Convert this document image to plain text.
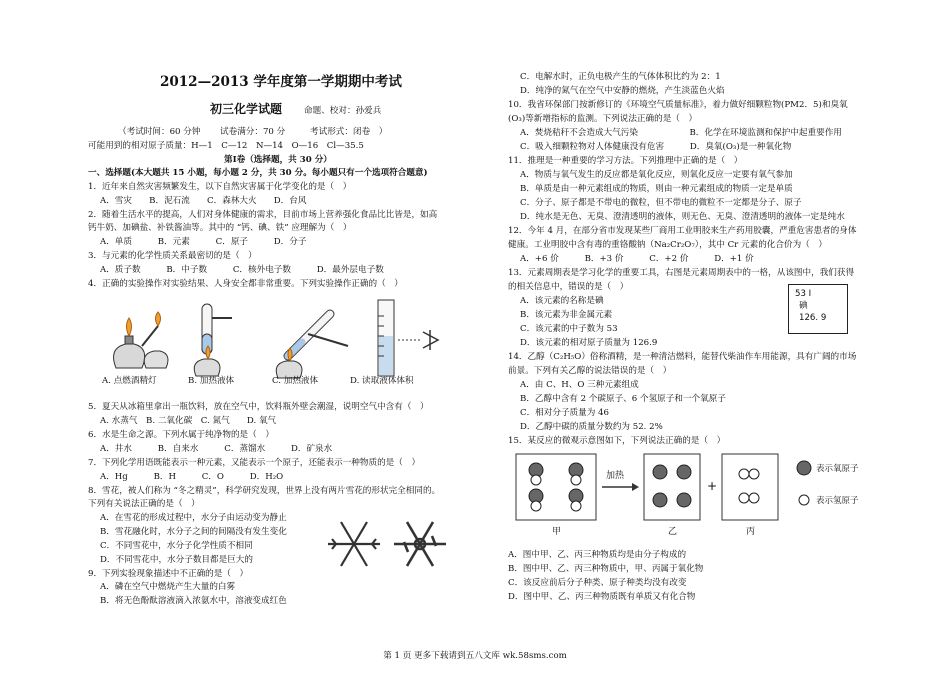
2012—2013 学年度第一学期期中考试
初三化学试题	命题、校对：孙爱兵
（考试时间：60 分钟 试卷满分：70 分	考试形式：闭卷　）
可能用到的相对原子质量：H—1　C—12　N—14　O—16　Cl—35.5
第Ⅰ卷（选择题，共 30 分）
一、选择题(本大题共 15 小题，每小题 2 分，共 30 分。每小题只有一个选项符合题意)
1．近年来自然灾害频繁发生，以下自然灾害属于化学变化的是（　）
A．雪灾　　B．泥石流　　C．森林大火　　D．台风
2．随着生活水平的提高，人们对身体健康的需求，目前市场上营养强化食品比比皆是，如高
钙牛奶、加碘盐、补铁酱油等。其中的 “钙、碘、铁” 应理解为（　）
A．单质　　　B．元素　　　C．原子　　　D．分子
3．与元素的化学性质关系最密切的是（　）
A．质子数　　　B．中子数　　　C．核外电子数　　　D．最外层电子数
4．正确的实验操作对实验结果、人身安全都非常重要。下列实验操作正确的（　）
A. 点燃酒精灯	B. 加热液体	C. 加热液体	D. 读取液体体积
5．夏天从冰箱里拿出一瓶饮料，放在空气中，饮料瓶外壁会潮湿，说明空气中含有（　）
A. 水蒸气　B. 二氧化碳　C. 氮气　　D. 氧气
6．水是生命之源。下列水属于纯净物的是（　）
A．井水　　　B．自来水　　　C．蒸馏水　　　D．矿泉水
7．下列化学用语既能表示一种元素，又能表示一个原子，还能表示一种物质的是（　）
A．Hg　　　B．H　　　C．O　　　D．H₂O
8．雪花，被人们称为 “冬之精灵”，科学研究发现，世界上没有两片雪花的形状完全相同的。
下列有关说法正确的是（　）
A．在雪花的形成过程中，水分子由运动变为静止
B．雪花融化时，水分子之间的间隔没有发生变化
C．不同雪花中，水分子化学性质不相同
D．不同雪花中，水分子数目都是巨大的
9．下列实验现象描述中不正确的是（　）
A．磷在空气中燃烧产生大量的白雾
B．将无色酚酞溶液滴入浓氨水中，溶液变成红色
C．电解水时，正负电极产生的气体体积比约为 2：1
D．纯净的氮气在空气中安静的燃烧，产生淡蓝色火焰
10．我省环保部门按新修订的《环境空气质量标准》，着力做好细颗粒物(PM2．5)和臭氧
(O₃)等新增指标的监测。下列说法正确的是（　）
A．焚烧秸秆不会造成大气污染　　　　　　B．化学在环境监测和保护中起重要作用
C．吸入细颗粒物对人体健康没有危害　　　D．臭氧(O₃)是一种氧化物
11．推理是一种重要的学习方法。下列推理中正确的是（　）
A．物质与氧气发生的反应都是氧化反应，则氧化反应一定要有氧气参加
B．单质是由一种元素组成的物质，则由一种元素组成的物质一定是单质
C．分子、原子都是不带电的微粒，但不带电的微粒不一定都是分子、原子
D．纯水是无色、无臭、澄清透明的液体，则无色、无臭、澄清透明的液体一定是纯水
12．今年 4 月，在部分省市发现某些厂商用工业明胶来生产药用胶囊，严重危害患者的身体
健康。工业明胶中含有毒的重铬酸钠（Na₂Cr₂O₇），其中 Cr 元素的化合价为（　）
A．+6 价　　　B．+3 价　　　C．+2 价　　　D．+1 价
13．元素周期表是学习化学的重要工具，右图是元素周期表中的一格，从该图中，我们获得
的相关信息中，错误的是（　）
A．该元素的名称是碘
B．该元素为非金属元素
C．该元素的中子数为 53
D．该元素的相对原子质量为 126.9
53 I
碘
126. 9
14．乙醇（C₂H₅O）俗称酒精，是一种清洁燃料，能替代柴油作车用能源，具有广阔的市场
前景。下列有关乙醇的说法错误的是（　）
A．由 C、H、O 三种元素组成
B．乙醇中含有 2 个碳原子、6 个氢原子和一个氧原子
C．相对分子质量为 46
D．乙醇中碳的质量分数约为 52. 2%
15．某反应的微观示意图如下，下列说法正确的是（　）
加热
+
表示氧原子
表示氢原子
甲	乙	丙
A．图中甲、乙、丙三种物质均是由分子构成的
B．图中甲、乙、丙三种物质中，甲、丙属于氧化物
C．该反应前后分子种类、原子种类均没有改变
D．图中甲、乙、丙三种物质既有单质又有化合物
第 1 页 更多下载请到五八文库 wk.58sms.com
